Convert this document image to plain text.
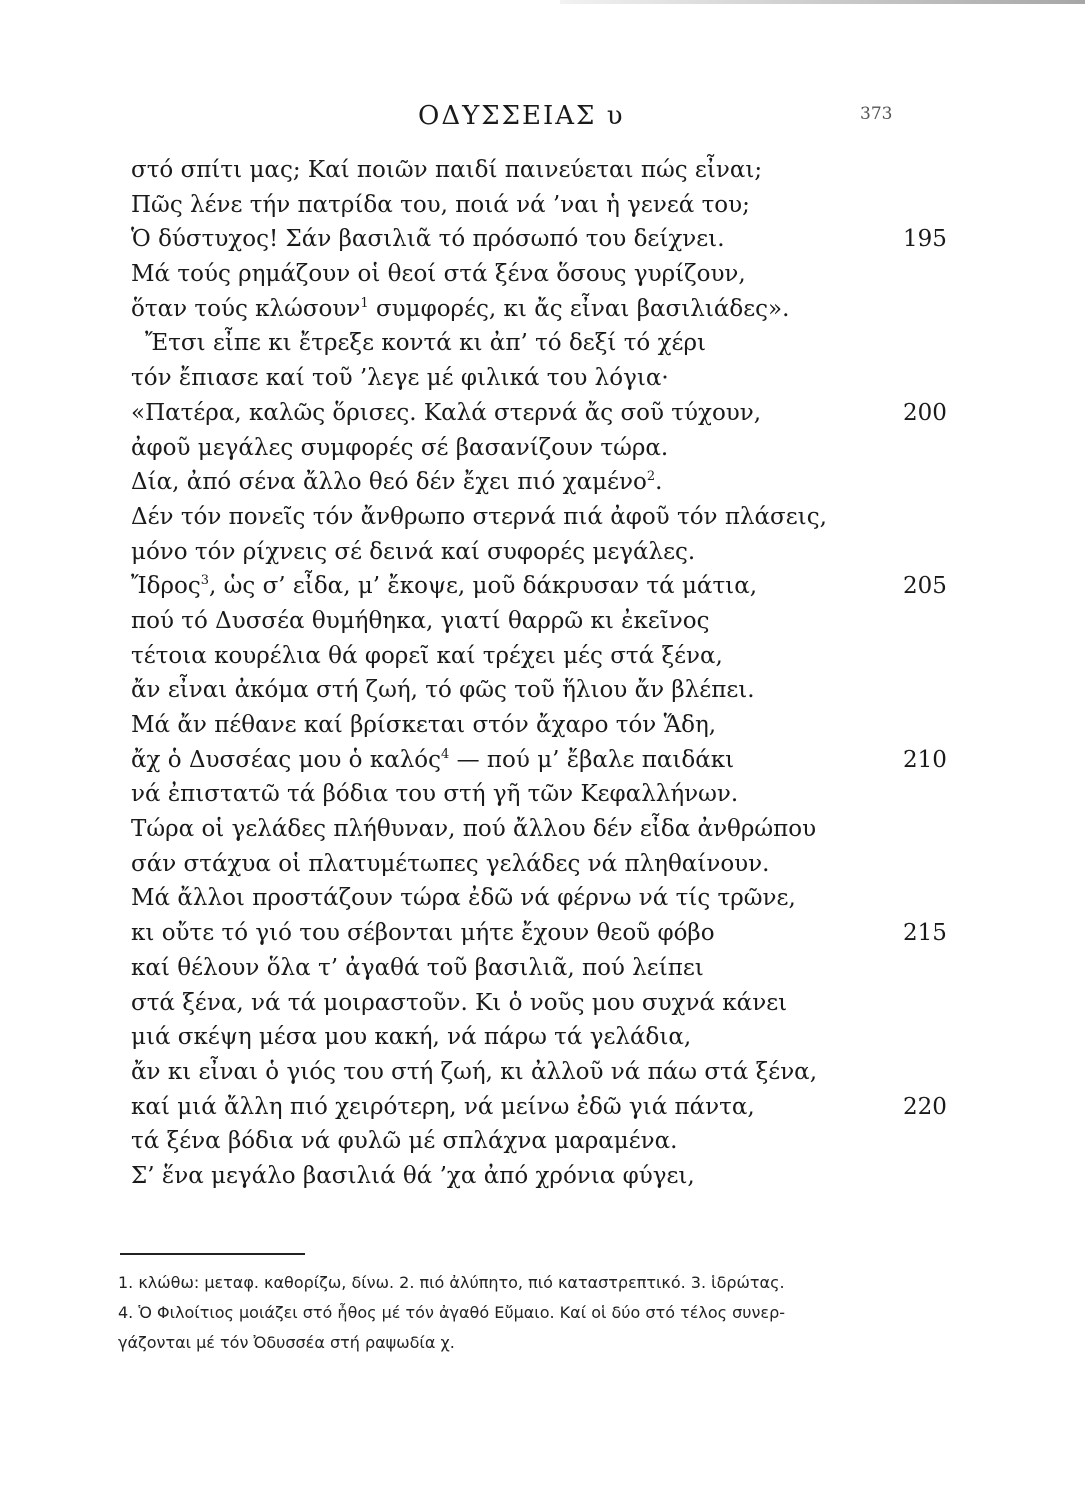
ΟΔΥΣΣΕΙΑΣ υ	373
στό σπίτι μας; Καί ποιῶν παιδί παινεύεται πώς εἶναι;
Πῶς λένε τήν πατρίδα του, ποιά νά ’ναι ἡ γενεά του;
Ὁ δύστυχος! Σάν βασιλιᾶ τό πρόσωπό του δείχνει.	195
Μά τούς ρημάζουν οἱ θεοί στά ξένα ὅσους γυρίζουν,
ὅταν τούς κλώσουν$^1$ συμφορές, κι ἄς εἶναι βασιλιάδες».
Ἔτσι εἶπε κι ἔτρεξε κοντά κι ἀπ’ τό δεξί τό χέρι
τόν ἔπιασε καί τοῦ ’λεγε μέ φιλικά του λόγια·
«Πατέρα, καλῶς ὅρισες. Καλά στερνά ἄς σοῦ τύχουν,	200
ἀφοῦ μεγάλες συμφορές σέ βασανίζουν τώρα.
Δία, ἀπό σένα ἄλλο θεό δέν ἔχει πιό χαμένο$^2$.
Δέν τόν πονεῖς τόν ἄνθρωπο στερνά πιά ἀφοῦ τόν πλάσεις,
μόνο τόν ρίχνεις σέ δεινά καί συφορές μεγάλες.
Ἴδρος$^3$, ὡς σ’ εἶδα, μ’ ἔκοψε, μοῦ δάκρυσαν τά μάτια,	205
πού τό Δυσσέα θυμήθηκα, γιατί θαρρῶ κι ἐκεῖνος
τέτοια κουρέλια θά φορεῖ καί τρέχει μές στά ξένα,
ἄν εἶναι ἀκόμα στή ζωή, τό φῶς τοῦ ἥλιου ἄν βλέπει.
Μά ἄν πέθανε καί βρίσκεται στόν ἄχαρο τόν Ἅδη,
ἄχ ὁ Δυσσέας μου ὁ καλός$^4$ — πού μ’ ἔβαλε παιδάκι	210
νά ἐπιστατῶ τά βόδια του στή γῆ τῶν Κεφαλλήνων.
Τώρα οἱ γελάδες πλήθυναν, πού ἄλλου δέν εἶδα ἀνθρώπου
σάν στάχυα οἱ πλατυμέτωπες γελάδες νά πληθαίνουν.
Μά ἄλλοι προστάζουν τώρα ἐδῶ νά φέρνω νά τίς τρῶνε,
κι οὔτε τό γιό του σέβονται μήτε ἔχουν θεοῦ φόβο	215
καί θέλουν ὅλα τ’ ἀγαθά τοῦ βασιλιᾶ, πού λείπει
στά ξένα, νά τά μοιραστοῦν. Κι ὁ νοῦς μου συχνά κάνει
μιά σκέψη μέσα μου κακή, νά πάρω τά γελάδια,
ἄν κι εἶναι ὁ γιός του στή ζωή, κι ἀλλοῦ νά πάω στά ξένα,
καί μιά ἄλλη πιό χειρότερη, νά μείνω ἐδῶ γιά πάντα,	220
τά ξένα βόδια νά φυλῶ μέ σπλάχνα μαραμένα.
Σ’ ἕνα μεγάλο βασιλιά θά ’χα ἀπό χρόνια φύγει,
1. κλώθω: μεταφ. καθορίζω, δίνω. 2. πιό ἀλύπητο, πιό καταστρεπτικό. 3. ἱδρώτας.
4. Ὁ Φιλοίτιος μοιάζει στό ἦθος μέ τόν ἀγαθό Εὔμαιο. Καί οἱ δύο στό τέλος συνερ-
γάζονται μέ τόν Ὀδυσσέα στή ραψωδία χ.
